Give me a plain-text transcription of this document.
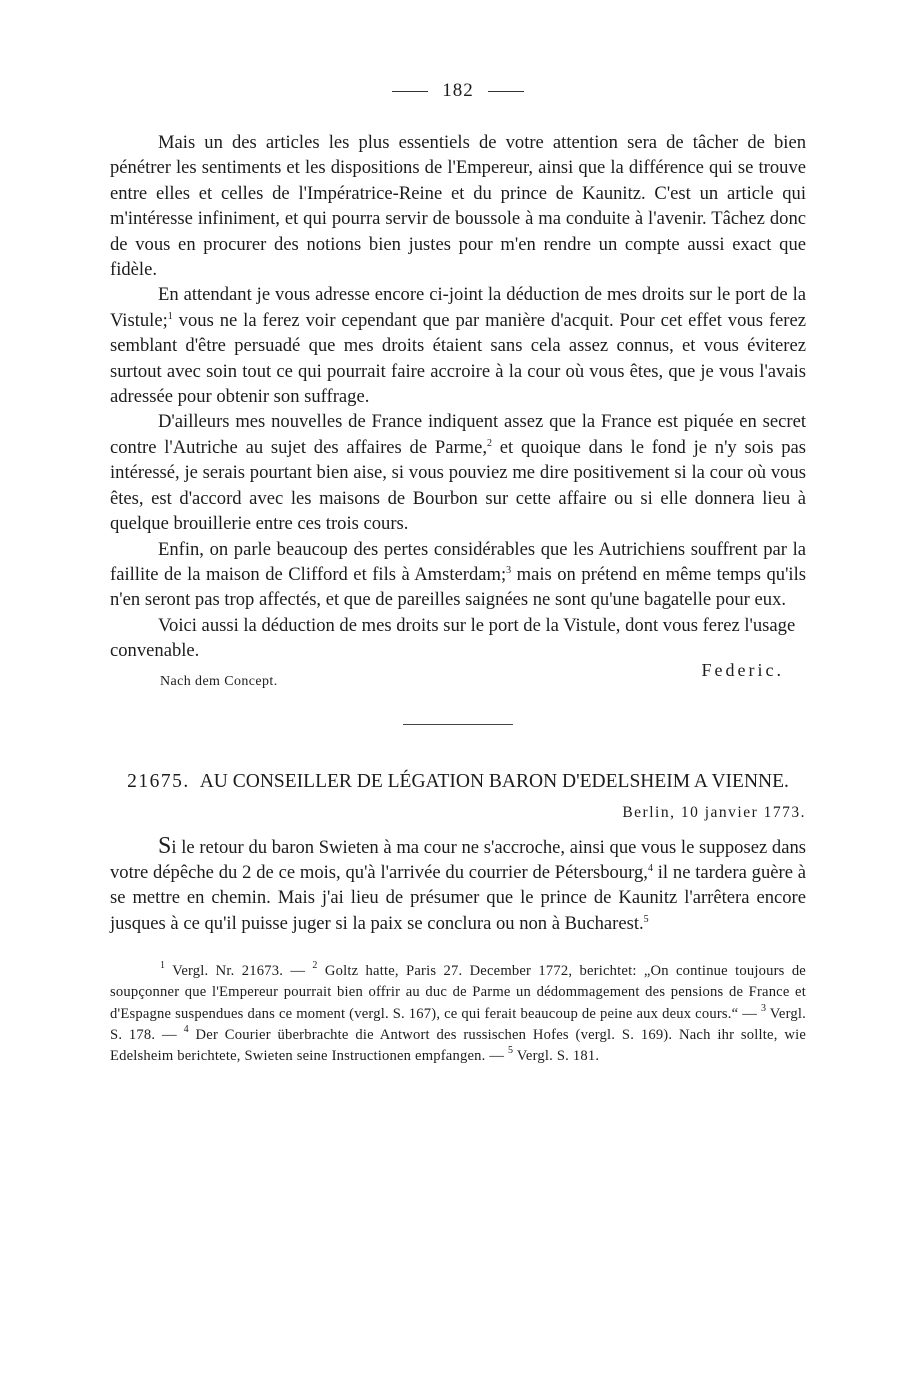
182

Mais un des articles les plus essentiels de votre attention sera de tâcher de bien pénétrer les sentiments et les dispositions de l'Empereur, ainsi que la différence qui se trouve entre elles et celles de l'Impératrice-Reine et du prince de Kaunitz. C'est un article qui m'intéresse infiniment, et qui pourra servir de boussole à ma conduite à l'avenir. Tâchez donc de vous en procurer des notions bien justes pour m'en rendre un compte aussi exact que fidèle.

En attendant je vous adresse encore ci-joint la déduction de mes droits sur le port de la Vistule;$^1$ vous ne la ferez voir cependant que par manière d'acquit. Pour cet effet vous ferez semblant d'être persuadé que mes droits étaient sans cela assez connus, et vous éviterez surtout avec soin tout ce qui pourrait faire accroire à la cour où vous êtes, que je vous l'avais adressée pour obtenir son suffrage.

D'ailleurs mes nouvelles de France indiquent assez que la France est piquée en secret contre l'Autriche au sujet des affaires de Parme,$^2$ et quoique dans le fond je n'y sois pas intéressé, je serais pourtant bien aise, si vous pouviez me dire positivement si la cour où vous êtes, est d'accord avec les maisons de Bourbon sur cette affaire ou si elle donnera lieu à quelque brouillerie entre ces trois cours.

Enfin, on parle beaucoup des pertes considérables que les Autrichiens souffrent par la faillite de la maison de Clifford et fils à Amsterdam;$^3$ mais on prétend en même temps qu'ils n'en seront pas trop affectés, et que de pareilles saignées ne sont qu'une bagatelle pour eux.

Voici aussi la déduction de mes droits sur le port de la Vistule, dont vous ferez l'usage convenable.

Nach dem Concept.
Federic.
21675. AU CONSEILLER DE LÉGATION BARON D'EDELSHEIM A VIENNE.
Berlin, 10 janvier 1773.

Si le retour du baron Swieten à ma cour ne s'accroche, ainsi que vous le supposez dans votre dépêche du 2 de ce mois, qu'à l'arrivée du courrier de Pétersbourg,$^4$ il ne tardera guère à se mettre en chemin. Mais j'ai lieu de présumer que le prince de Kaunitz l'arrêtera encore jusques à ce qu'il puisse juger si la paix se conclura ou non à Bucharest.$^5$

$^1$ Vergl. Nr. 21673. — $^2$ Goltz hatte, Paris 27. December 1772, berichtet: „On continue toujours de soupçonner que l'Empereur pourrait bien offrir au duc de Parme un dédommagement des pensions de France et d'Espagne suspendues dans ce moment (vergl. S. 167), ce qui ferait beaucoup de peine aux deux cours.“ — $^3$ Vergl. S. 178. — $^4$ Der Courier überbrachte die Antwort des russischen Hofes (vergl. S. 169). Nach ihr sollte, wie Edelsheim berichtete, Swieten seine Instructionen empfangen. — $^5$ Vergl. S. 181.
